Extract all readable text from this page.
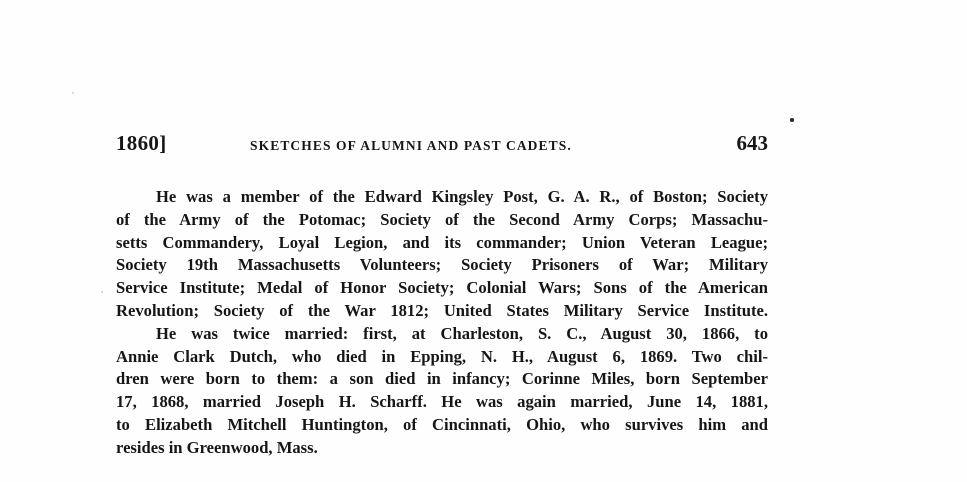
1860]	SKETCHES OF ALUMNI AND PAST CADETS.	643
He was a member of the Edward Kingsley Post, G. A. R., of Boston; Society
of the Army of the Potomac; Society of the Second Army Corps; Massachu-
setts Commandery, Loyal Legion, and its commander; Union Veteran League;
Society 19th Massachusetts Volunteers; Society Prisoners of War; Military
Service Institute; Medal of Honor Society; Colonial Wars; Sons of the American
Revolution; Society of the War 1812; United States Military Service Institute.
He was twice married: first, at Charleston, S. C., August 30, 1866, to
Annie Clark Dutch, who died in Epping, N. H., August 6, 1869. Two chil-
dren were born to them: a son died in infancy; Corinne Miles, born September
17, 1868, married Joseph H. Scharff. He was again married, June 14, 1881,
to Elizabeth Mitchell Huntington, of Cincinnati, Ohio, who survives him and
resides in Greenwood, Mass.
